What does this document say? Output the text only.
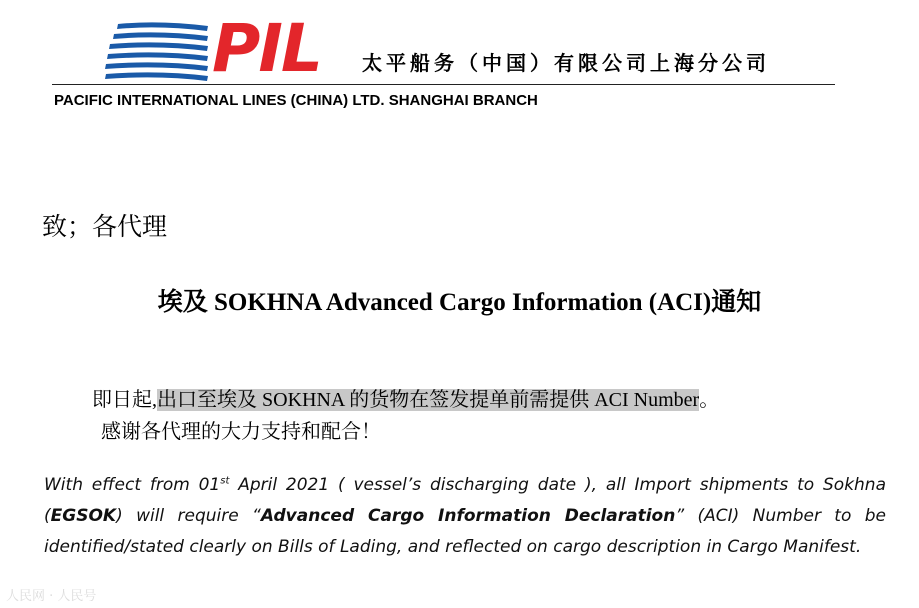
PIL 太平船务（中国）有限公司上海分公司
PACIFIC INTERNATIONAL LINES (CHINA) LTD. SHANGHAI BRANCH
致；各代理
埃及 SOKHNA Advanced Cargo Information (ACI)通知
即日起,出口至埃及 SOKHNA 的货物在签发提单前需提供 ACI Number。
感谢各代理的大力支持和配合！
With effect from 01st April 2021 ( vessel’s discharging date ), all Import shipments to Sokhna (EGSOK) will require “Advanced Cargo Information Declaration” (ACI) Number to be identified/stated clearly on Bills of Lading, and reflected on cargo description in Cargo Manifest.
人民网 · 人民号
